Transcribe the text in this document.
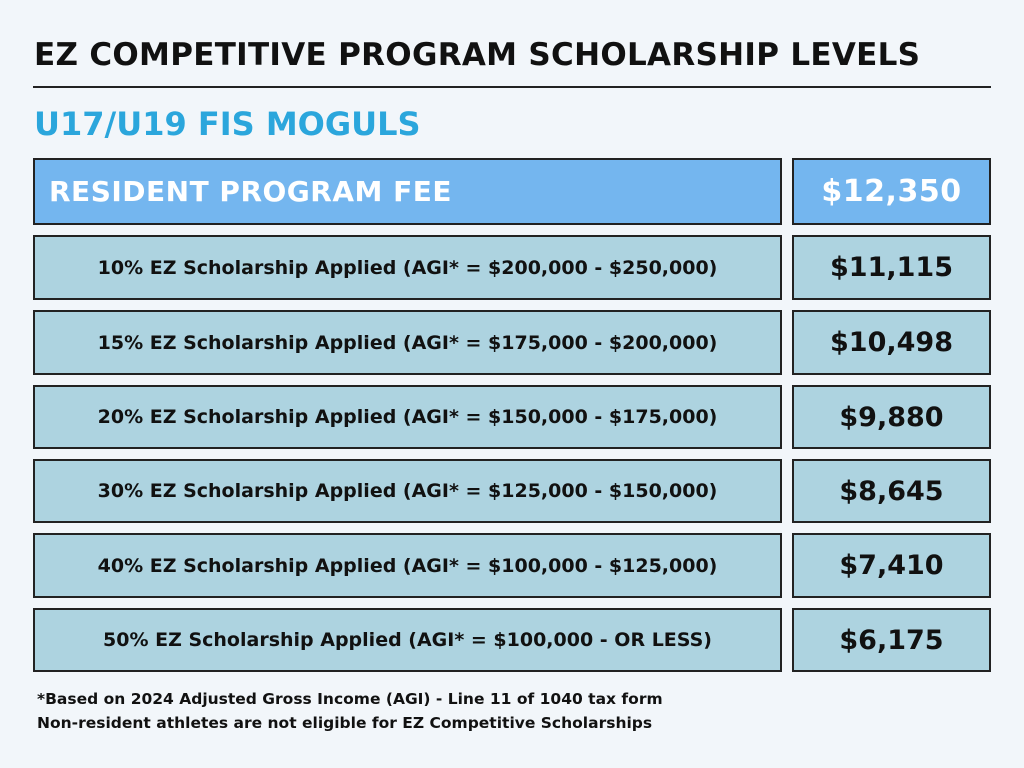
EZ COMPETITIVE PROGRAM SCHOLARSHIP LEVELS
U17/U19 FIS MOGULS
RESIDENT PROGRAM FEE	$12,350
10% EZ Scholarship Applied (AGI* = $200,000 - $250,000)	$11,115
15% EZ Scholarship Applied (AGI* = $175,000 - $200,000)	$10,498
20% EZ Scholarship Applied (AGI* = $150,000 - $175,000)	$9,880
30% EZ Scholarship Applied (AGI* = $125,000 - $150,000)	$8,645
40% EZ Scholarship Applied (AGI* = $100,000 - $125,000)	$7,410
50% EZ Scholarship Applied (AGI* = $100,000 - OR LESS)	$6,175
*Based on 2024 Adjusted Gross Income (AGI) - Line 11 of 1040 tax form
Non-resident athletes are not eligible for EZ Competitive Scholarships
